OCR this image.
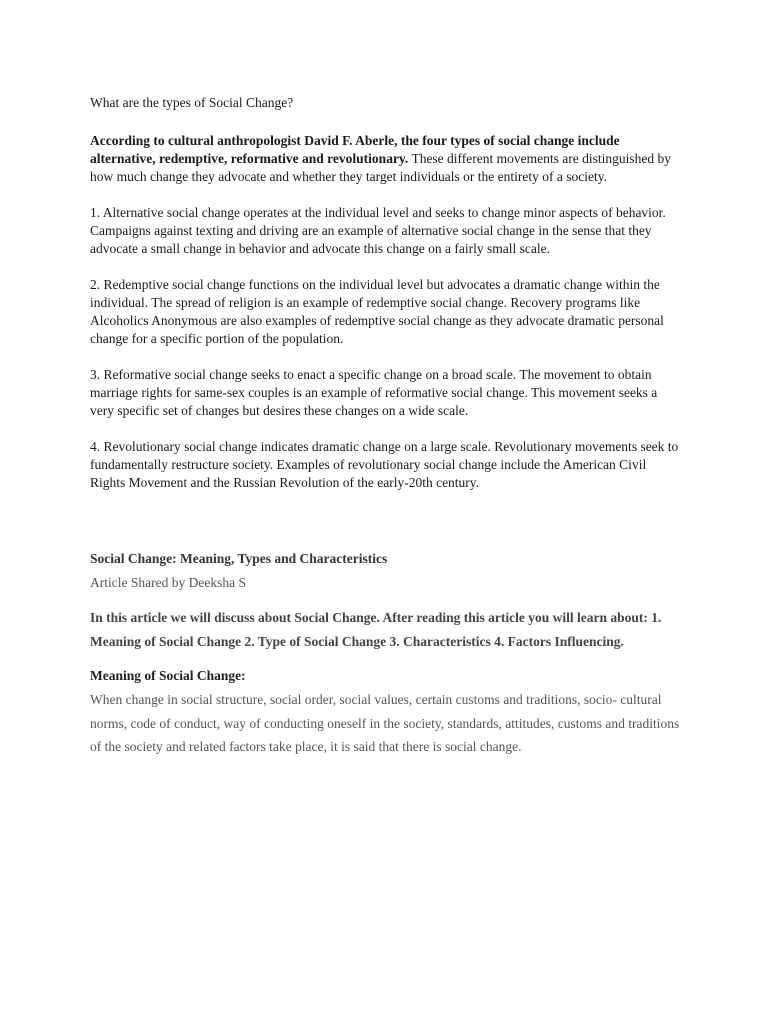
What are the types of Social Change?

According to cultural anthropologist David F. Aberle, the four types of social change include alternative, redemptive, reformative and revolutionary. These different movements are distinguished by how much change they advocate and whether they target individuals or the entirety of a society.

1. Alternative social change operates at the individual level and seeks to change minor aspects of behavior. Campaigns against texting and driving are an example of alternative social change in the sense that they advocate a small change in behavior and advocate this change on a fairly small scale.

2. Redemptive social change functions on the individual level but advocates a dramatic change within the individual. The spread of religion is an example of redemptive social change. Recovery programs like Alcoholics Anonymous are also examples of redemptive social change as they advocate dramatic personal change for a specific portion of the population.

3. Reformative social change seeks to enact a specific change on a broad scale. The movement to obtain marriage rights for same-sex couples is an example of reformative social change. This movement seeks a very specific set of changes but desires these changes on a wide scale.

4. Revolutionary social change indicates dramatic change on a large scale. Revolutionary movements seek to fundamentally restructure society. Examples of revolutionary social change include the American Civil Rights Movement and the Russian Revolution of the early-20th century.

Social Change: Meaning, Types and Characteristics

Article Shared by Deeksha S

In this article we will discuss about Social Change. After reading this article you will learn about: 1. Meaning of Social Change 2. Type of Social Change 3. Characteristics 4. Factors Influencing.

Meaning of Social Change:

When change in social structure, social order, social values, certain customs and traditions, socio- cultural norms, code of conduct, way of conducting oneself in the society, standards, attitudes, customs and traditions of the society and related factors take place, it is said that there is social change.
